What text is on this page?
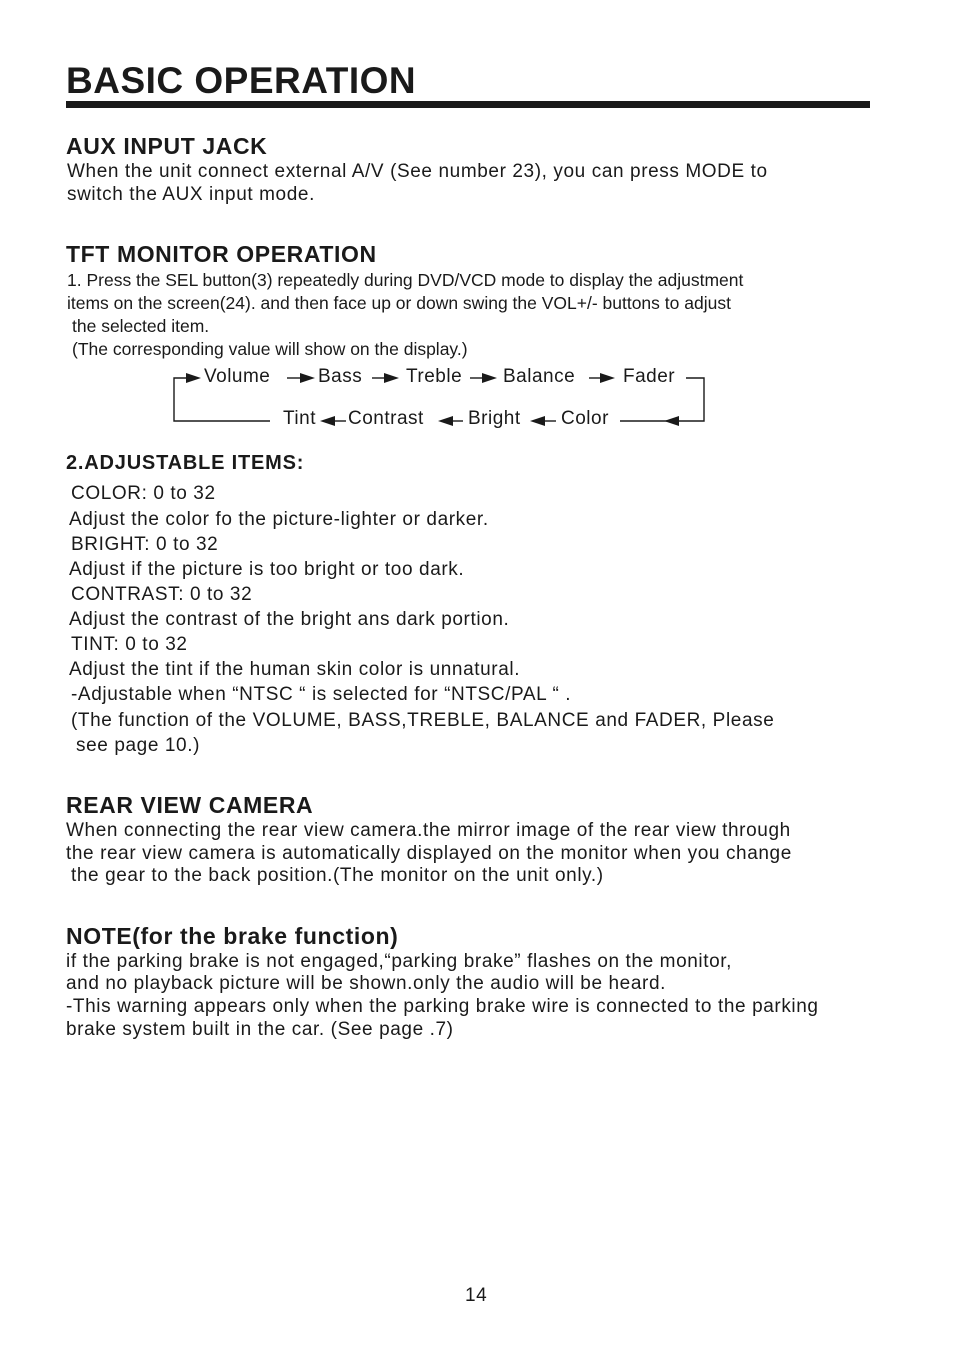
BASIC OPERATION
AUX INPUT JACK
When the unit connect external A/V (See number 23), you can press MODE to
switch the AUX input mode.
TFT MONITOR OPERATION
1. Press the SEL button(3) repeatedly during DVD/VCD mode to display the adjustment
items on the screen(24). and then face up or down swing the VOL+/- buttons to adjust
the selected item.
(The corresponding value will show on the display.)
Volume	Bass Treble Balance	Fader
Tint Contrast Bright Color
2.ADJUSTABLE ITEMS:
COLOR: 0 to 32
Adjust the color fo the picture-lighter or darker.
BRIGHT: 0 to 32
Adjust if the picture is too bright or too dark.
CONTRAST: 0 to 32
Adjust the contrast of the bright ans dark portion.
TINT: 0 to 32
Adjust the tint if the human skin color is unnatural.
-Adjustable when “NTSC “ is selected for “NTSC/PAL “ .
(The function of the VOLUME, BASS,TREBLE, BALANCE and FADER, Please
see page 10.)
REAR VIEW CAMERA
When connecting the rear view camera.the mirror image of the rear view through
the rear view camera is automatically displayed on the monitor when you change
the gear to the back position.(The monitor on the unit only.)
NOTE(for the brake function)
if the parking brake is not engaged,“parking brake” flashes on the monitor,
and no playback picture will be shown.only the audio will be heard.
-This warning appears only when the parking brake wire is connected to the parking
brake system built in the car. (See page .7)
14
